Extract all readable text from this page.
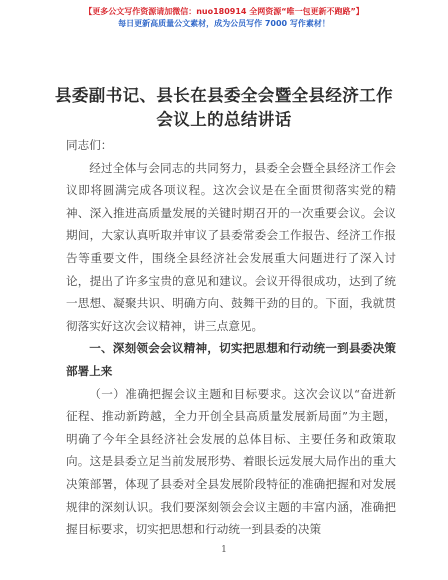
【更多公文写作资源请加微信：nuo180914 全网资源“唯一包更新不跑路”】
每日更新高质量公文素材，成为公员写作 7000 写作素材！
县委副书记、县长在县委全会暨全县经济工作
会议上的总结讲话

同志们：

经过全体与会同志的共同努力，县委全会暨全县经济工作会议即将圆满完成各项议程。这次会议是在全面贯彻落实党的精神、深入推进高质量发展的关键时期召开的一次重要会议。会议期间，大家认真听取并审议了县委常委会工作报告、经济工作报告等重要文件，围绕全县经济社会发展重大问题进行了深入讨论，提出了许多宝贵的意见和建议。会议开得很成功，达到了统一思想、凝聚共识、明确方向、鼓舞干劲的目的。下面，我就贯彻落实好这次会议精神，讲三点意见。

一、深刻领会会议精神，切实把思想和行动统一到县委决策部署上来

（一）准确把握会议主题和目标要求。这次会议以“奋进新征程、推动新跨越，全力开创全县高质量发展新局面”为主题，明确了今年全县经济社会发展的总体目标、主要任务和政策取向。这是县委立足当前发展形势、着眼长远发展大局作出的重大决策部署，体现了县委对全县发展阶段特征的准确把握和对发展规律的深刻认识。我们要深刻领会会议主题的丰富内涵，准确把握目标要求，切实把思想和行动统一到县委的决策

1
